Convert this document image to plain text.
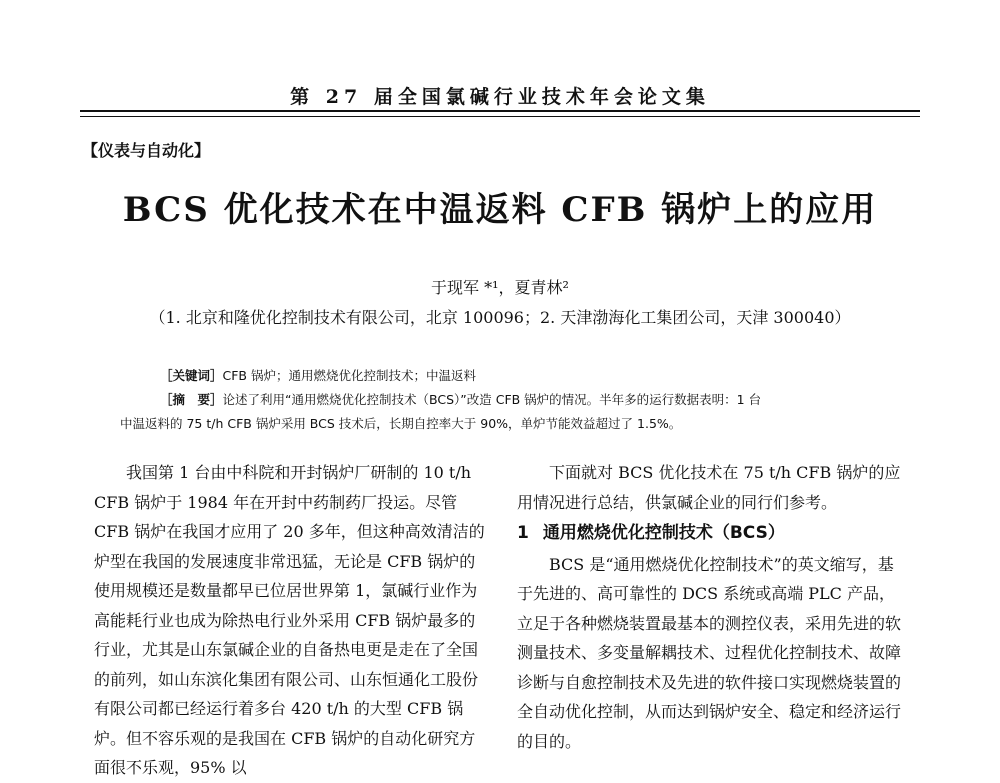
第 27 届全国氯碱行业技术年会论文集
【仪表与自动化】
BCS 优化技术在中温返料 CFB 锅炉上的应用
于现军 *¹，夏青林²
（1. 北京和隆优化控制技术有限公司，北京 100096；2. 天津渤海化工集团公司，天津 300040）
［关键词］CFB 锅炉；通用燃烧优化控制技术；中温返料
［摘　要］论述了利用“通用燃烧优化控制技术（BCS）”改造 CFB 锅炉的情况。半年多的运行数据表明：1 台
中温返料的 75 t/h CFB 锅炉采用 BCS 技术后，长期自控率大于 90%，单炉节能效益超过了 1.5%。

我国第 1 台由中科院和开封锅炉厂研制的 10 t/h CFB 锅炉于 1984 年在开封中药制药厂投运。尽管 CFB 锅炉在我国才应用了 20 多年，但这种高效清洁的炉型在我国的发展速度非常迅猛，无论是 CFB 锅炉的使用规模还是数量都早已位居世界第 1，氯碱行业作为高能耗行业也成为除热电行业外采用 CFB 锅炉最多的行业，尤其是山东氯碱企业的自备热电更是走在了全国的前列，如山东滨化集团有限公司、山东恒通化工股份有限公司都已经运行着多台 420 t/h 的大型 CFB 锅炉。但不容乐观的是我国在 CFB 锅炉的自动化研究方面很不乐观，95% 以

下面就对 BCS 优化技术在 75 t/h CFB 锅炉的应用情况进行总结，供氯碱企业的同行们参考。

1 通用燃烧优化控制技术（BCS）

BCS 是“通用燃烧优化控制技术”的英文缩写，基于先进的、高可靠性的 DCS 系统或高端 PLC 产品，立足于各种燃烧装置最基本的测控仪表，采用先进的软测量技术、多变量解耦技术、过程优化控制技术、故障诊断与自愈控制技术及先进的软件接口实现燃烧装置的全自动优化控制，从而达到锅炉安全、稳定和经济运行的目的。
